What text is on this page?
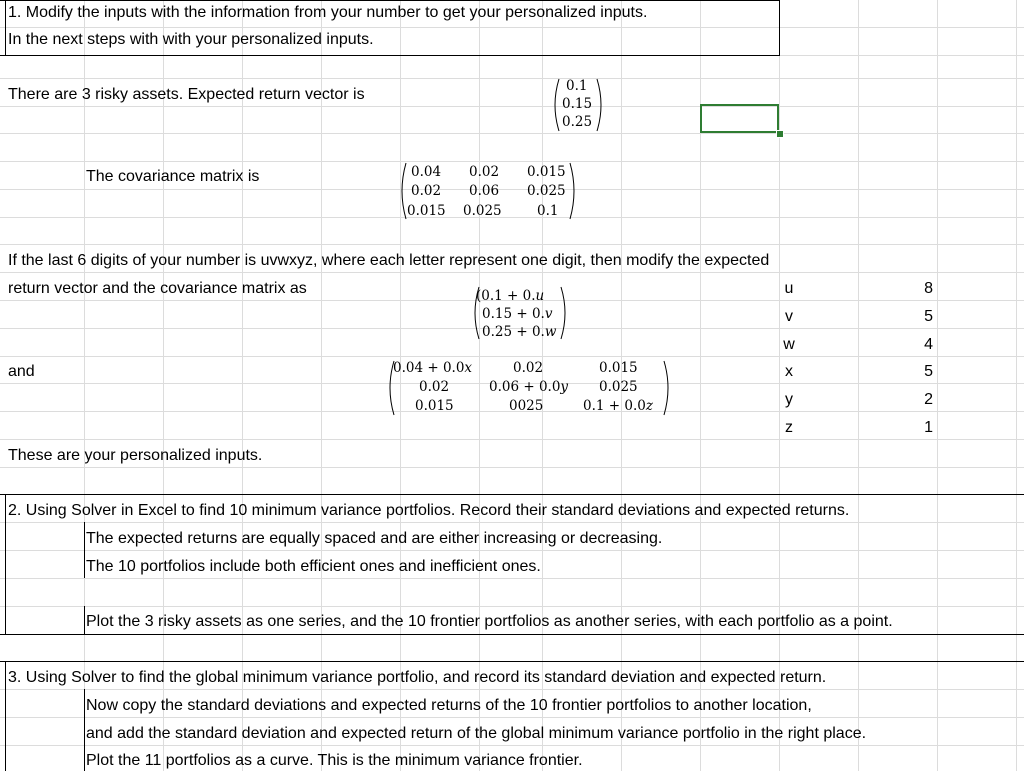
1. Modify the inputs with the information from your number to get your personalized inputs.
In the next steps with with your personalized inputs.
There are 3 risky assets. Expected return vector is	0.1
0.15
0.25
The covariance matrix is	0.04 0.02 0.015
0.02 0.06 0.025
0.015 0.025	0.1
If the last 6 digits of your number is uvwxyz, where each letter represent one digit, then modify the expected
return vector and the covariance matrix as	(0.1 + 0.𝑢
0.15 + 0.𝑣
0.25 + 0.𝑤
and	0.04 + 0.0𝑥	0.02	0.015
0.02	0.06 + 0.0𝑦 0.025
0.015	0025	0.1 + 0.0𝑧
u	8
v	5
w	4
x	5
y	2
z	1
These are your personalized inputs.
2. Using Solver in Excel to find 10 minimum variance portfolios. Record their standard deviations and expected returns.
The expected returns are equally spaced and are either increasing or decreasing.
The 10 portfolios include both efficient ones and inefficient ones.
Plot the 3 risky assets as one series, and the 10 frontier portfolios as another series, with each portfolio as a point.
3. Using Solver to find the global minimum variance portfolio, and record its standard deviation and expected return.
Now copy the standard deviations and expected returns of the 10 frontier portfolios to another location,
and add the standard deviation and expected return of the global minimum variance portfolio in the right place.
Plot the 11 portfolios as a curve. This is the minimum variance frontier.
